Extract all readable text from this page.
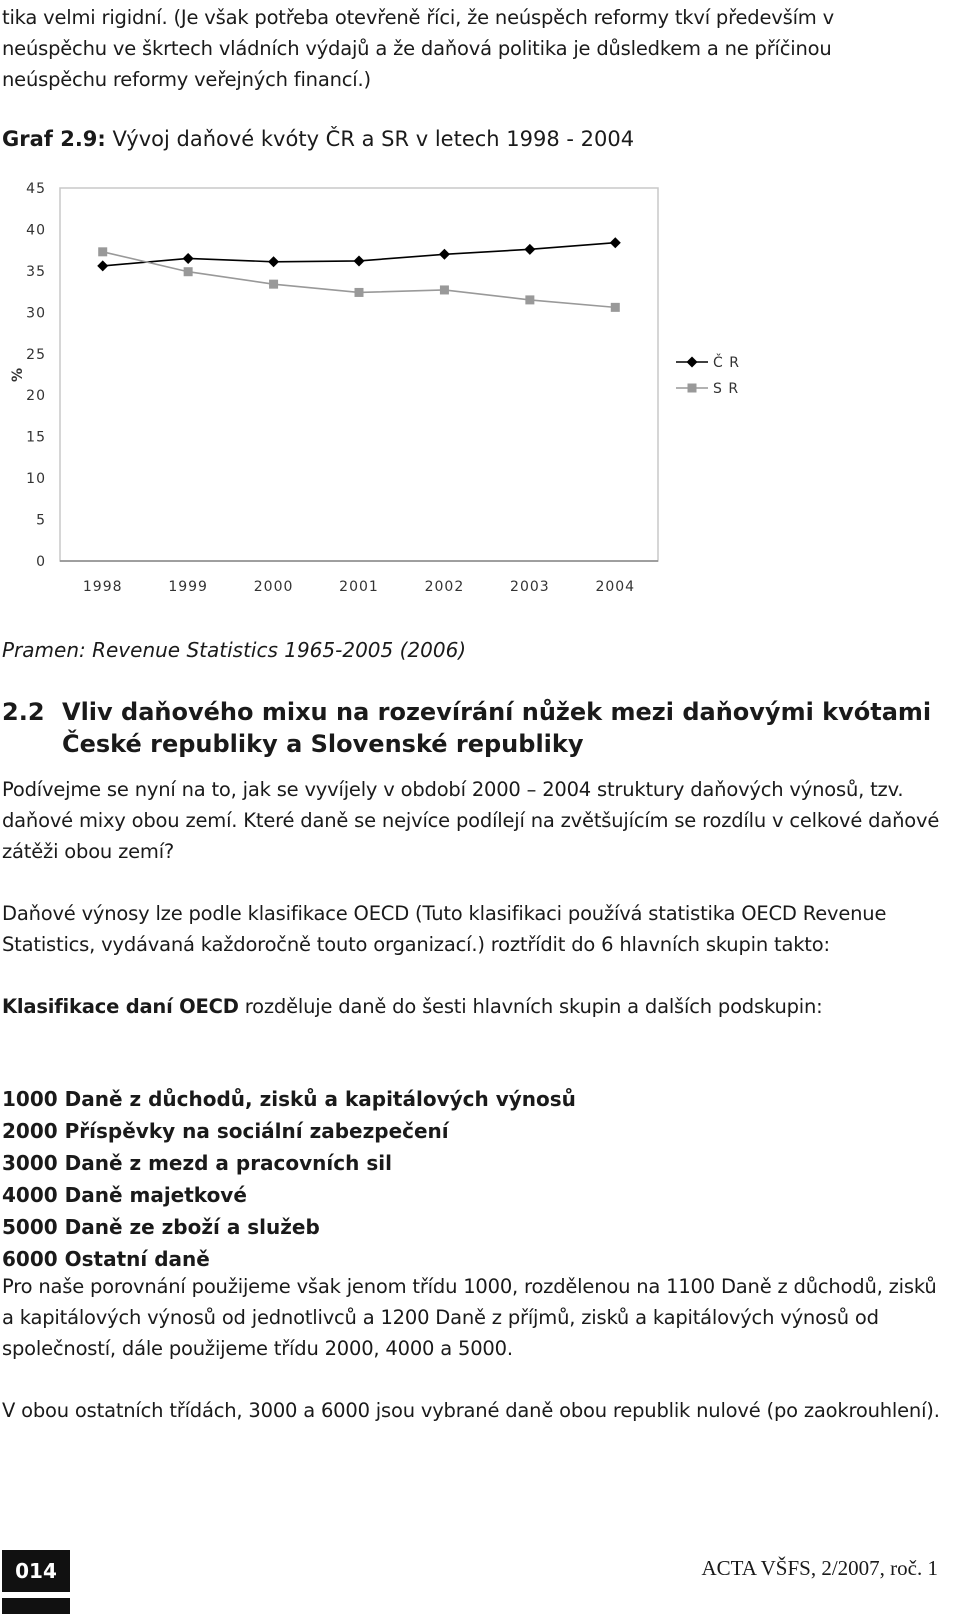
tika velmi rigidní. (Je však potřeba otevřeně říci, že neúspěch reformy tkví především v neúspěchu ve škrtech vládních výdajů a že daňová politika je důsledkem a ne příčinou neúspěchu reformy veřejných financí.)

Graf 2.9: Vývoj daňové kvóty ČR a SR v letech 1998 - 2004

%
0
5
10
15
20
25
30
35
40
45
1998	1999	2000	2001	2002	2003	2004
Č R
S R

Pramen: Revenue Statistics 1965-2005 (2006)

2.2 Vliv daňového mixu na rozevírání nůžek mezi daňovými kvótami
České republiky a Slovenské republiky

Podívejme se nyní na to, jak se vyvíjely v období 2000 – 2004 struktury daňových výnosů, tzv. daňové mixy obou zemí. Které daně se nejvíce podílejí na zvětšujícím se rozdílu v celkové daňové zátěži obou zemí?

Daňové výnosy lze podle klasifikace OECD (Tuto klasifikaci používá statistika OECD Revenue Statistics, vydávaná každoročně touto organizací.) roztřídit do 6 hlavních skupin takto:

Klasifikace daní OECD rozděluje daně do šesti hlavních skupin a dalších podskupin:

1000 Daně z důchodů, zisků a kapitálových výnosů
2000 Příspěvky na sociální zabezpečení
3000 Daně z mezd a pracovních sil
4000 Daně majetkové
5000 Daně ze zboží a služeb
6000 Ostatní daně

Pro naše porovnání použijeme však jenom třídu 1000, rozdělenou na 1100 Daně z důchodů, zisků a kapitálových výnosů od jednotlivců a 1200 Daně z příjmů, zisků a kapitálových výnosů od společností, dále použijeme třídu 2000, 4000 a 5000.

V obou ostatních třídách, 3000 a 6000 jsou vybrané daně obou republik nulové (po zaokrouhlení).

014	ACTA VŠFS, 2/2007, roč. 1
